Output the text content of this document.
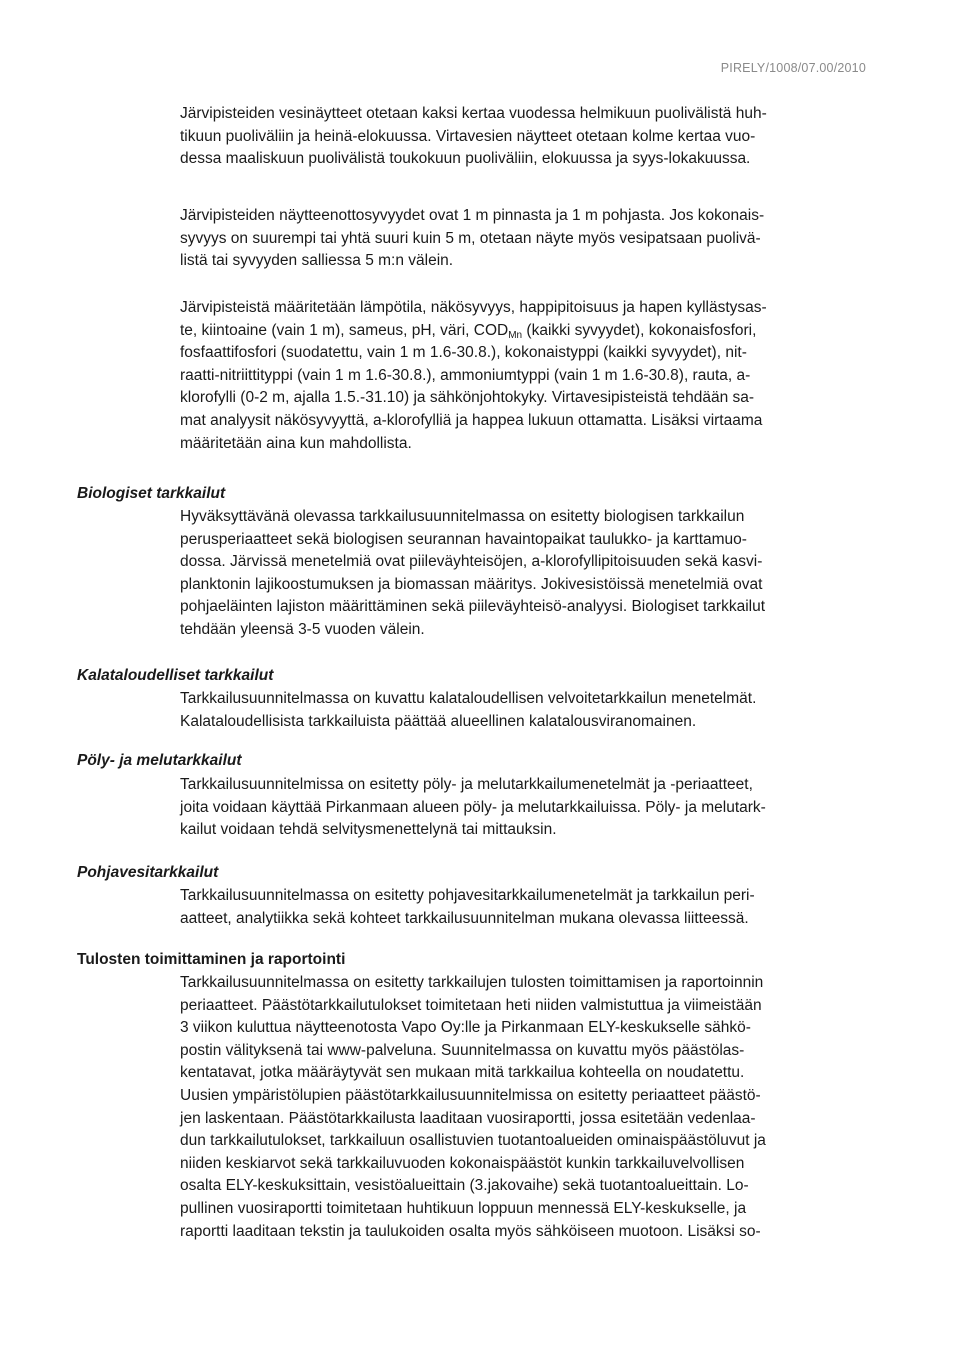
PIRELY/1008/07.00/2010

Järvipisteiden vesinäytteet otetaan kaksi kertaa vuodessa helmikuun puolivälistä huh-
tikuun puoliväliin ja heinä-elokuussa. Virtavesien näytteet otetaan kolme kertaa vuo-
dessa maaliskuun puolivälistä toukokuun puoliväliin, elokuussa ja syys-lokakuussa.

Järvipisteiden näytteenottosyvyydet ovat 1 m pinnasta ja 1 m pohjasta. Jos kokonais-
syvyys on suurempi tai yhtä suuri kuin 5 m, otetaan näyte myös vesipatsaan puolivä-
listä tai syvyyden salliessa 5 m:n välein.

Järvipisteistä määritetään lämpötila, näkösyvyys, happipitoisuus ja hapen kyllästysas-
te, kiintoaine (vain 1 m), sameus, pH, väri, $COD_{Mn}$ (kaikki syvyydet), kokonaisfosfori,
fosfaattifosfori (suodatettu, vain 1 m 1.6-30.8.), kokonaistyppi (kaikki syvyydet), nit-
raatti-nitriittityppi (vain 1 m 1.6-30.8.), ammoniumtyppi (vain 1 m 1.6-30.8), rauta, a-
klorofylli (0-2 m, ajalla 1.5.-31.10) ja sähkönjohtokyky. Virtavesipisteistä tehdään sa-
mat analyysit näkösyvyyttä, a-klorofylliä ja happea lukuun ottamatta. Lisäksi virtaama
määritetään aina kun mahdollista.

Biologiset tarkkailut

Hyväksyttävänä olevassa tarkkailusuunnitelmassa on esitetty biologisen tarkkailun
perusperiaatteet sekä biologisen seurannan havaintopaikat taulukko- ja karttamuo-
dossa. Järvissä menetelmiä ovat piileväyhteisöjen, a-klorofyllipitoisuuden sekä kasvi-
planktonin lajikoostumuksen ja biomassan määritys. Jokivesistöissä menetelmiä ovat
pohjaeläinten lajiston määrittäminen sekä piileväyhteisö-analyysi. Biologiset tarkkailut
tehdään yleensä 3-5 vuoden välein.

Kalataloudelliset tarkkailut

Tarkkailusuunnitelmassa on kuvattu kalataloudellisen velvoitetarkkailun menetelmät.
Kalataloudellisista tarkkailuista päättää alueellinen kalatalousviranomainen.

Pöly- ja melutarkkailut

Tarkkailusuunnitelmissa on esitetty pöly- ja melutarkkailumenetelmät ja -periaatteet,
joita voidaan käyttää Pirkanmaan alueen pöly- ja melutarkkailuissa. Pöly- ja melutark-
kailut voidaan tehdä selvitysmenettelynä tai mittauksin.

Pohjavesitarkkailut

Tarkkailusuunnitelmassa on esitetty pohjavesitarkkailumenetelmät ja tarkkailun peri-
aatteet, analytiikka sekä kohteet tarkkailusuunnitelman mukana olevassa liitteessä.

Tulosten toimittaminen ja raportointi

Tarkkailusuunnitelmassa on esitetty tarkkailujen tulosten toimittamisen ja raportoinnin
periaatteet. Päästötarkkailutulokset toimitetaan heti niiden valmistuttua ja viimeistään
3 viikon kuluttua näytteenotosta Vapo Oy:lle ja Pirkanmaan ELY-keskukselle sähkö-
postin välityksenä tai www-palveluna. Suunnitelmassa on kuvattu myös päästölas-
kentatavat, jotka määräytyvät sen mukaan mitä tarkkailua kohteella on noudatettu.
Uusien ympäristölupien päästötarkkailusuunnitelmissa on esitetty periaatteet päästö-
jen laskentaan. Päästötarkkailusta laaditaan vuosiraportti, jossa esitetään vedenlaa-
dun tarkkailutulokset, tarkkailuun osallistuvien tuotantoalueiden ominaispäästöluvut ja
niiden keskiarvot sekä tarkkailuvuoden kokonaispäästöt kunkin tarkkailuvelvollisen
osalta ELY-keskuksittain, vesistöalueittain (3.jakovaihe) sekä tuotantoalueittain. Lo-
pullinen vuosiraportti toimitetaan huhtikuun loppuun mennessä ELY-keskukselle, ja
raportti laaditaan tekstin ja taulukoiden osalta myös sähköiseen muotoon. Lisäksi so-
